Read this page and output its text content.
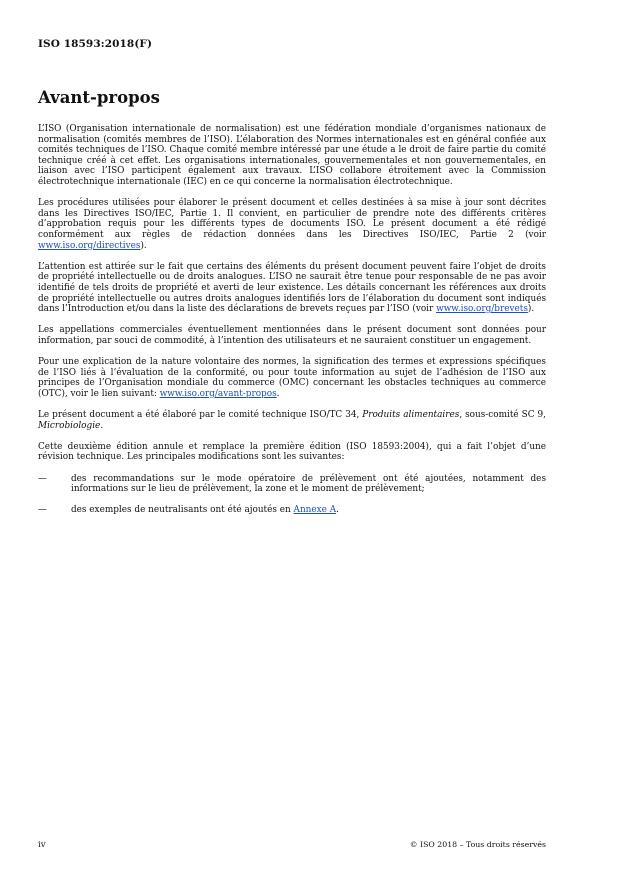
ISO 18593:2018(F)
Avant-propos

L’ISO (Organisation internationale de normalisation) est une fédération mondiale d’organismes nationaux de normalisation (comités membres de l’ISO). L’élaboration des Normes internationales est en général confiée aux comités techniques de l’ISO. Chaque comité membre intéressé par une étude a le droit de faire partie du comité technique créé à cet effet. Les organisations internationales, gouvernementales et non gouvernementales, en liaison avec l’ISO participent également aux travaux. L’ISO collabore étroitement avec la Commission électrotechnique internationale (IEC) en ce qui concerne la normalisation électrotechnique.

Les procédures utilisées pour élaborer le présent document et celles destinées à sa mise à jour sont décrites dans les Directives ISO/IEC, Partie 1. Il convient, en particulier de prendre note des différents critères d’approbation requis pour les différents types de documents ISO. Le présent document a été rédigé conformément aux règles de rédaction données dans les Directives ISO/IEC, Partie 2 (voir www.iso.org/directives).

L’attention est attirée sur le fait que certains des éléments du présent document peuvent faire l’objet de droits de propriété intellectuelle ou de droits analogues. L’ISO ne saurait être tenue pour responsable de ne pas avoir identifié de tels droits de propriété et averti de leur existence. Les détails concernant les références aux droits de propriété intellectuelle ou autres droits analogues identifiés lors de l’élaboration du document sont indiqués dans l’Introduction et/ou dans la liste des déclarations de brevets reçues par l’ISO (voir www.iso.org/brevets).

Les appellations commerciales éventuellement mentionnées dans le présent document sont données pour information, par souci de commodité, à l’intention des utilisateurs et ne sauraient constituer un engagement.

Pour une explication de la nature volontaire des normes, la signification des termes et expressions spécifiques de l’ISO liés à l’évaluation de la conformité, ou pour toute information au sujet de l’adhésion de l’ISO aux principes de l’Organisation mondiale du commerce (OMC) concernant les obstacles techniques au commerce (OTC), voir le lien suivant: www.iso.org/avant-propos.

Le présent document a été élaboré par le comité technique ISO/TC 34, Produits alimentaires, sous-comité SC 9, Microbiologie.

Cette deuxième édition annule et remplace la première édition (ISO 18593:2004), qui a fait l’objet d’une révision technique. Les principales modifications sont les suivantes:

—	des recommandations sur le mode opératoire de prélèvement ont été ajoutées, notamment des informations sur le lieu de prélèvement, la zone et le moment de prélèvement;
—	des exemples de neutralisants ont été ajoutés en Annexe A.
iv	© ISO 2018 – Tous droits réservés
